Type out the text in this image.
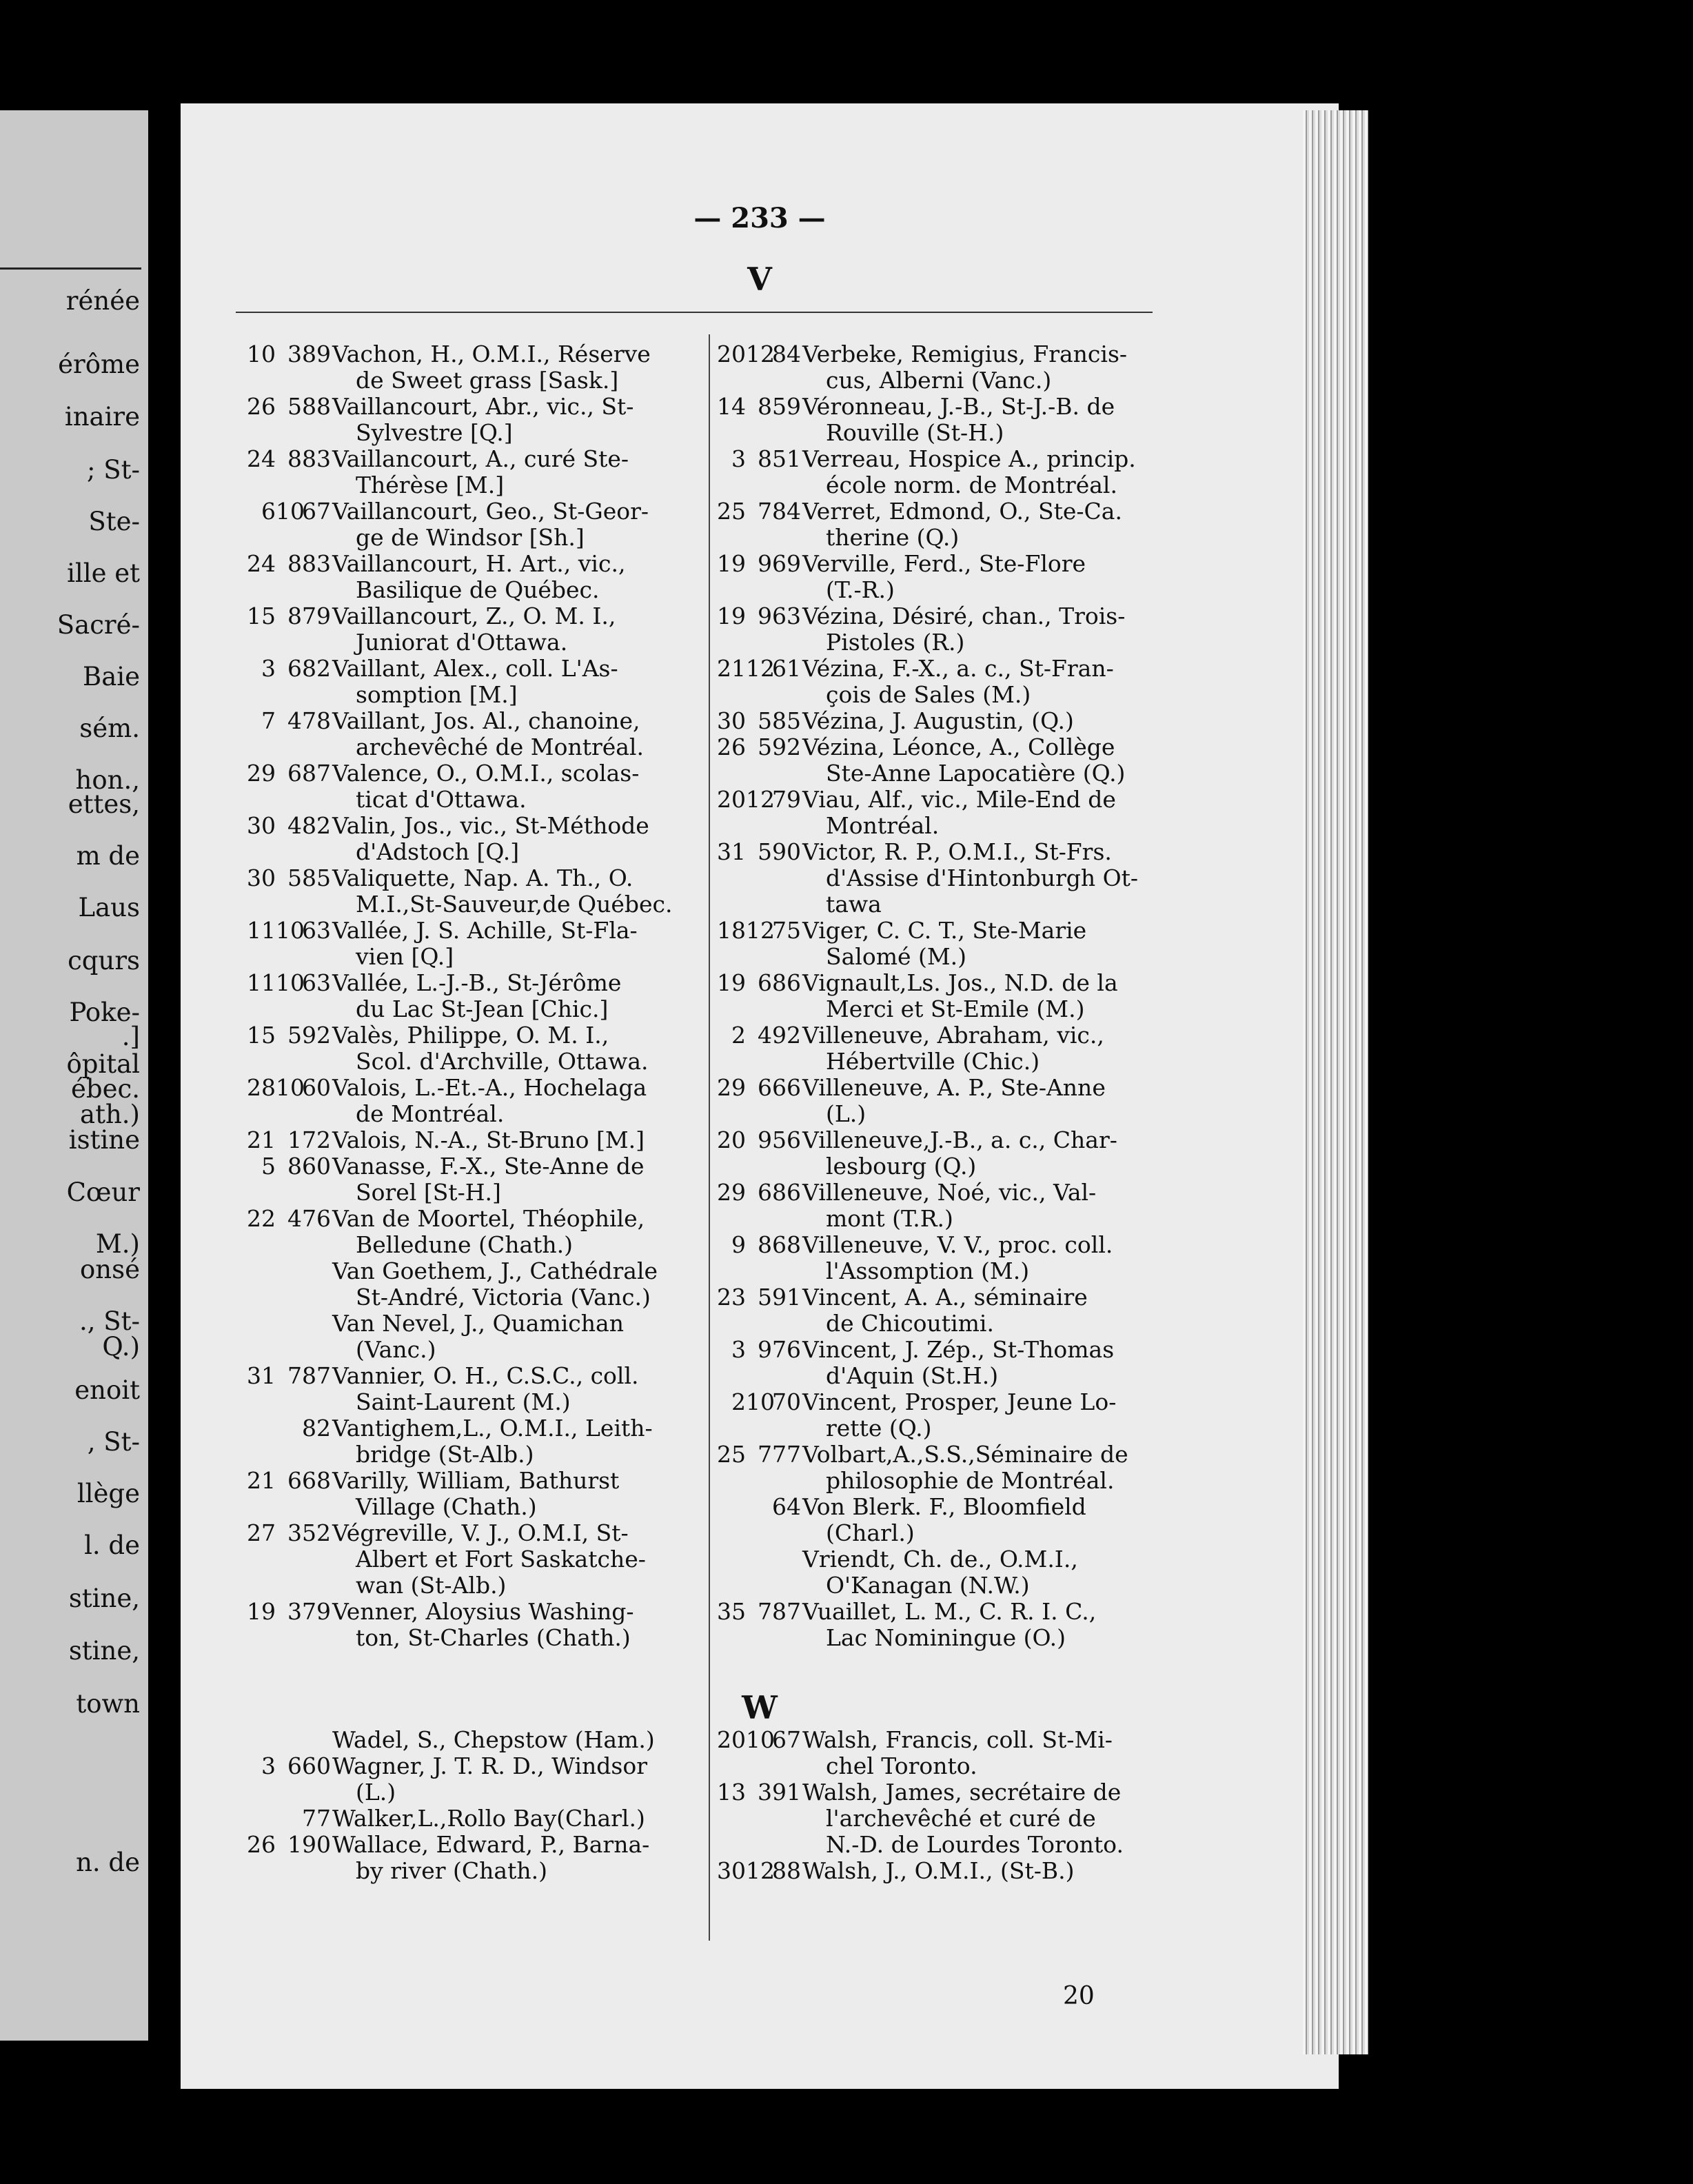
rénée
érôme
inaire
; St-
Ste-
ille et
Sacré-
Baie
sém.
hon.,
ettes,
m de
Laus
cqurs
Poke-
.]
ôpital
ébec.
ath.)
istine
Cœur
M.)
onsé
., St-
Q.)
enoit
, St-
llège
l. de
stine,
stine,
town
n. de
— 233 —
V
10 3 89 Vachon, H., O.M.I., Réserve
de Sweet grass [Sask.]
26 5 88 Vaillancourt, Abr., vic., St-
Sylvestre [Q.]
24 8 83 Vaillancourt, A., curé Ste-
Thérèse [M.]
6 10
67 Vaillancourt, Geo., St-Geor-
ge de Windsor [Sh.]
24 8 83 Vaillancourt, H. Art., vic.,
Basilique de Québec.
15 8 79 Vaillancourt, Z., O. M. I.,
Juniorat d'Ottawa.
3 6 82 Vaillant, Alex., coll. L'As-
somption [M.]
7 4 78 Vaillant, Jos. Al., chanoine,
archevêché de Montréal.
29 6 87 Valence, O., O.M.I., scolas-
ticat d'Ottawa.
30 4 82 Valin, Jos., vic., St-Méthode
d'Adstoch [Q.]
30 5 85 Valiquette, Nap. A. Th., O.
M.I.,St-Sauveur,de Québec.
11 10
63 Vallée, J. S. Achille, St-Fla-
vien [Q.]
11 10
63 Vallée, L.-J.-B., St-Jérôme
du Lac St-Jean [Chic.]
15 5 92 Valès, Philippe, O. M. I.,
Scol. d'Archville, Ottawa.
28 10
60 Valois, L.-Et.-A., Hochelaga
de Montréal.
21 1 72 Valois, N.-A., St-Bruno [M.]
5 8 60 Vanasse, F.-X., Ste-Anne de
Sorel [St-H.]
22 4 76 Van de Moortel, Théophile,
Belledune (Chath.)
Van Goethem, J., Cathédrale
St-André, Victoria (Vanc.)
Van Nevel, J., Quamichan
(Vanc.)
31 7 87 Vannier, O. H., C.S.C., coll.
Saint-Laurent (M.)
82 Vantighem,L., O.M.I., Leith-
bridge (St-Alb.)
21 6 68 Varilly, William, Bathurst
Village (Chath.)
27 3 52 Végreville, V. J., O.M.I, St-
Albert et Fort Saskatche-
wan (St-Alb.)
19 3 79 Venner, Aloysius Washing-
ton, St-Charles (Chath.)
20 12
84 Verbeke, Remigius, Francis-
cus, Alberni (Vanc.)
14 8 59 Véronneau, J.-B., St-J.-B. de
Rouville (St-H.)
3 8 51 Verreau, Hospice A., princip.
école norm. de Montréal.
25 7 84 Verret, Edmond, O., Ste-Ca.
therine (Q.)
19 9 69 Verville, Ferd., Ste-Flore
(T.-R.)
19 9 63 Vézina, Désiré, chan., Trois-
Pistoles (R.)
21 12
61 Vézina, F.-X., a. c., St-Fran-
çois de Sales (M.)
30 5 85 Vézina, J. Augustin, (Q.)
26 5 92 Vézina, Léonce, A., Collège
Ste-Anne Lapocatière (Q.)
20 12
79 Viau, Alf., vic., Mile-End de
Montréal.
31 5 90 Victor, R. P., O.M.I., St-Frs.
d'Assise d'Hintonburgh Ot-
tawa
18 12
75 Viger, C. C. T., Ste-Marie
Salomé (M.)
19 6 86 Vignault,Ls. Jos., N.D. de la
Merci et St-Emile (M.)
2 4 92 Villeneuve, Abraham, vic.,
Hébertville (Chic.)
29 6 66 Villeneuve, A. P., Ste-Anne
(L.)
20 9 56 Villeneuve,J.-B., a. c., Char-
lesbourg (Q.)
29 6 86 Villeneuve, Noé, vic., Val-
mont (T.R.)
9 8 68 Villeneuve, V. V., proc. coll.
l'Assomption (M.)
23 5 91 Vincent, A. A., séminaire
de Chicoutimi.
3 9 76 Vincent, J. Zép., St-Thomas
d'Aquin (St.H.)
2 10
70 Vincent, Prosper, Jeune Lo-
rette (Q.)
25 7 77 Volbart,A.,S.S.,Séminaire de
philosophie de Montréal.
64 Von Blerk. F., Bloomfield
(Charl.)
Vriendt, Ch. de., O.M.I.,
O'Kanagan (N.W.)
35 7 87 Vuaillet, L. M., C. R. I. C.,
Lac Nominingue (O.)
W
Wadel, S., Chepstow (Ham.)
3 6 60 Wagner, J. T. R. D., Windsor
(L.)
77 Walker,L.,Rollo Bay(Charl.)
26 1 90 Wallace, Edward, P., Barna-
by river (Chath.)
20 10
67 Walsh, Francis, coll. St-Mi-
chel Toronto.
13 3 91 Walsh, James, secrétaire de
l'archevêché et curé de
N.-D. de Lourdes Toronto.
30 12
88 Walsh, J., O.M.I., (St-B.)
20
